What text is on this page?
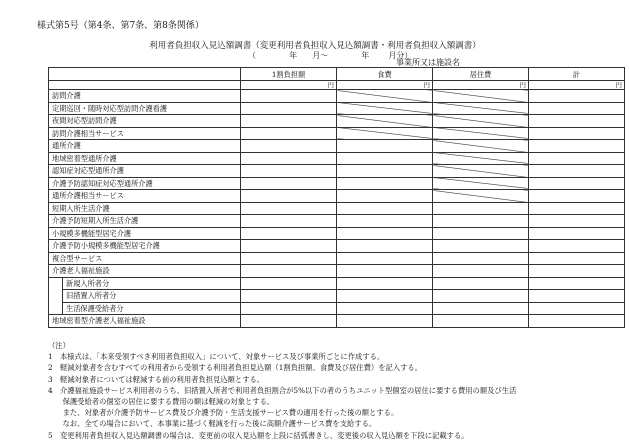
様式第5号（第4条、第7条、第8条関係）
利用者負担収入見込額調書（変更利用者負担収入見込額調書・利用者負担収入額調書）
（	年 月～	年 月分）
事業所又は施設名
		1割負担額	食費	居住費	計
		円	円	円	円
訪問介護					
定期巡回・随時対応型訪問介護看護					
夜間対応型訪問介護					
訪問介護相当サービス					
通所介護					
地域密着型通所介護					
認知症対応型通所介護					
介護予防認知症対応型通所介護					
通所介護相当サービス					
短期入所生活介護					
介護予防短期入所生活介護					
小規模多機能型居宅介護					
介護予防小規模多機能型居宅介護					
複合型サービス					
介護老人福祉施設					
	新規入所者分				
	旧措置入所者分				
	生活保護受給者分				
地域密着型介護老人福祉施設					
（注）
1　本様式は、「本来受領すべき利用者負担収入」について、対象サービス及び事業所ごとに作成する。
2　軽減対象者を含むすべての利用者から受領する利用者負担見込額（1割負担額、食費及び居住費）を記入する。
3　軽減対象者については軽減する前の利用者負担見込額とする。
4　介護福祉施設サービス利用者のうち、旧措置入所者で利用者負担割合が5%以下の者のうちユニット型個室の居住に要する費用の額及び生活
　　保護受給者の個室の居住に要する費用の額は軽減の対象とする。
　　また、対象者が介護予防サービス費及び介護予防・生活支援サービス費の適用を行った後の額とする。
　　なお、全ての場合において、本事業に基づく軽減を行った後に高額介護サービス費を支給する。
5　変更利用者負担収入見込額調書の場合は、変更前の収入見込額を上段に括弧書きし、変更後の収入見込額を下段に記載する。
